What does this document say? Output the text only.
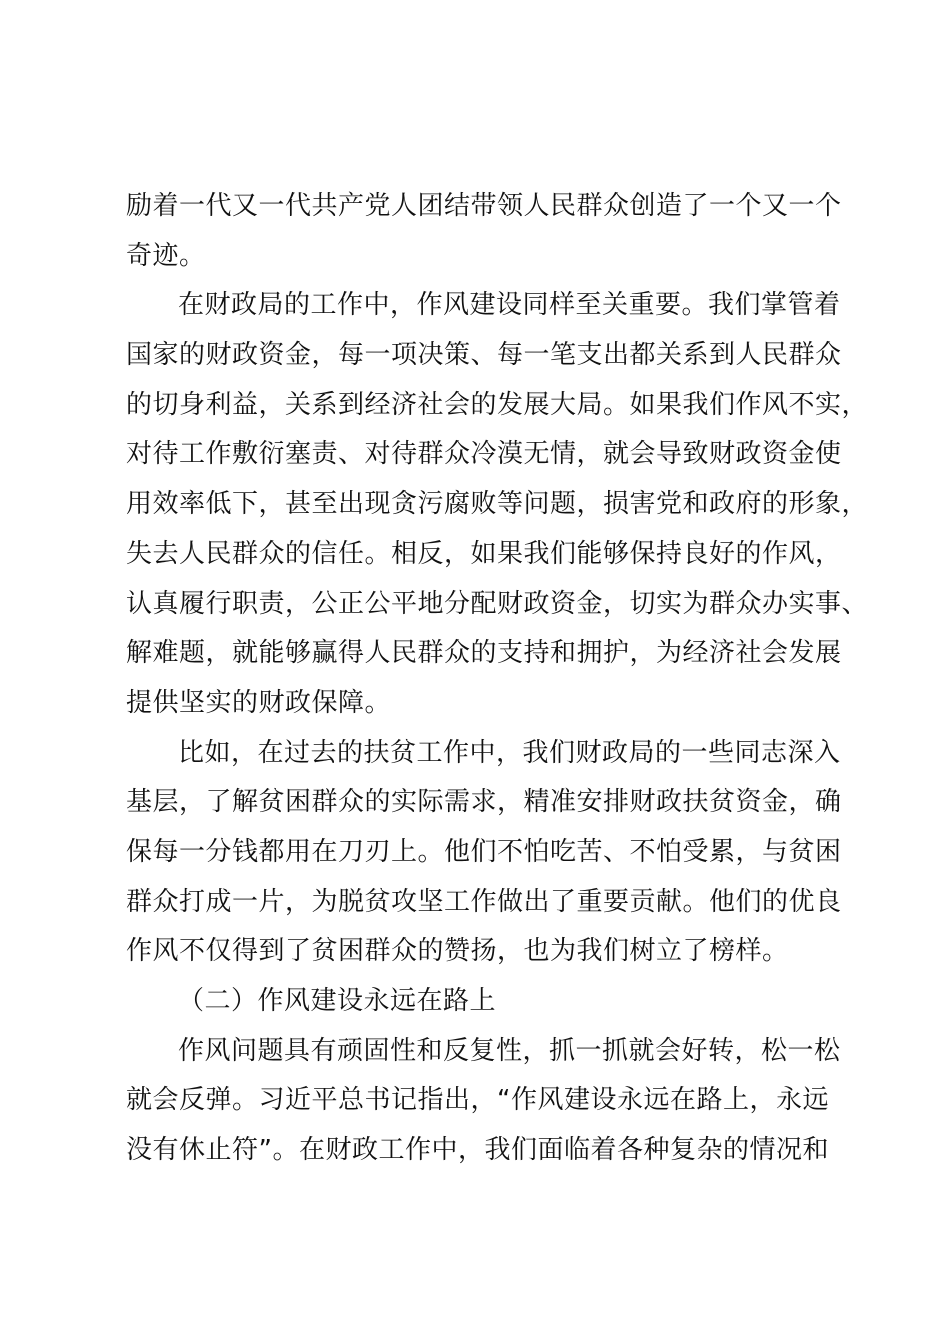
励着一代又一代共产党人团结带领人民群众创造了一个又一个
奇迹。
在财政局的工作中，作风建设同样至关重要。我们掌管着
国家的财政资金，每一项决策、每一笔支出都关系到人民群众
的切身利益，关系到经济社会的发展大局。如果我们作风不实，
对待工作敷衍塞责、对待群众冷漠无情，就会导致财政资金使
用效率低下，甚至出现贪污腐败等问题，损害党和政府的形象，
失去人民群众的信任。相反，如果我们能够保持良好的作风，
认真履行职责，公正公平地分配财政资金，切实为群众办实事、
解难题，就能够赢得人民群众的支持和拥护，为经济社会发展
提供坚实的财政保障。
比如，在过去的扶贫工作中，我们财政局的一些同志深入
基层，了解贫困群众的实际需求，精准安排财政扶贫资金，确
保每一分钱都用在刀刃上。他们不怕吃苦、不怕受累，与贫困
群众打成一片，为脱贫攻坚工作做出了重要贡献。他们的优良
作风不仅得到了贫困群众的赞扬，也为我们树立了榜样。
（二）作风建设永远在路上
作风问题具有顽固性和反复性，抓一抓就会好转，松一松
就会反弹。习近平总书记指出，“作风建设永远在路上，永远
没有休止符”。在财政工作中，我们面临着各种复杂的情况和
